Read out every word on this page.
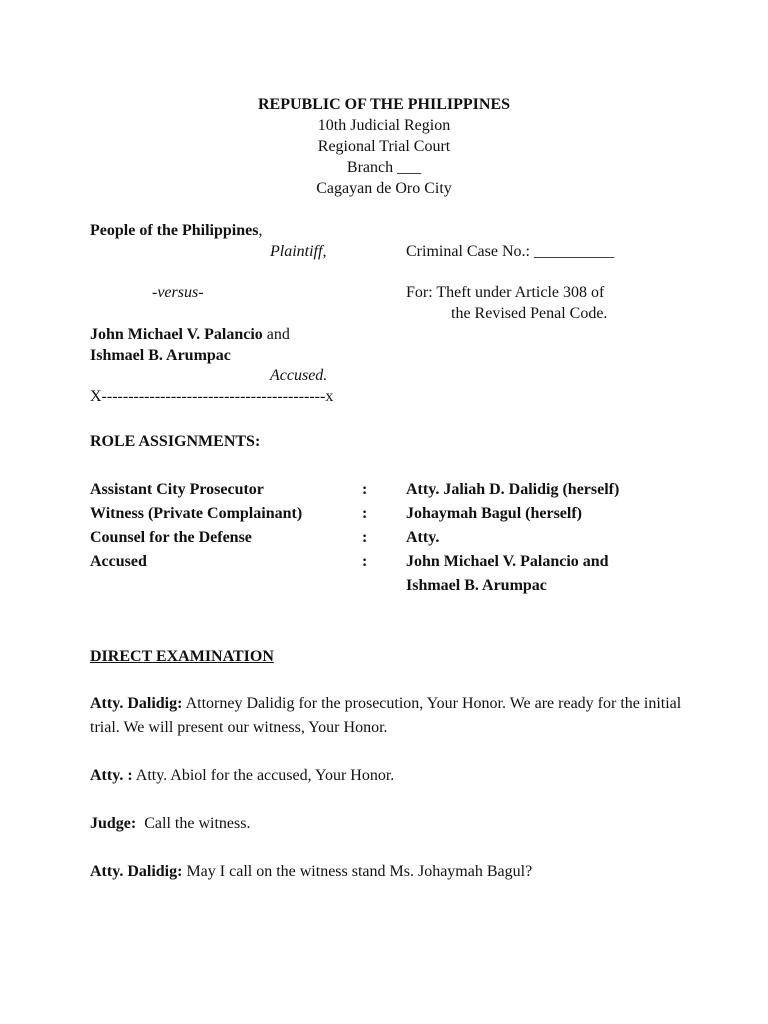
REPUBLIC OF THE PHILIPPINES
10th Judicial Region
Regional Trial Court
Branch ___
Cagayan de Oro City
People of the Philippines,
Plaintiff,	Criminal Case No.: __________
-versus-	For: Theft under Article 308 of
the Revised Penal Code.
John Michael V. Palancio and
Ishmael B. Arumpac
Accused.
X------------------------------------------x
ROLE ASSIGNMENTS:
Assistant City Prosecutor	: Atty. Jaliah D. Dalidig (herself)
Witness (Private Complainant)	: Johaymah Bagul (herself)
Counsel for the Defense	: Atty.
Accused	: John Michael V. Palancio and
Ishmael B. Arumpac
DIRECT EXAMINATION
Atty. Dalidig: Attorney Dalidig for the prosecution, Your Honor. We are ready for the initial trial. We will present our witness, Your Honor.
Atty. : Atty. Abiol for the accused, Your Honor.
Judge:  Call the witness.
Atty. Dalidig: May I call on the witness stand Ms. Johaymah Bagul?
